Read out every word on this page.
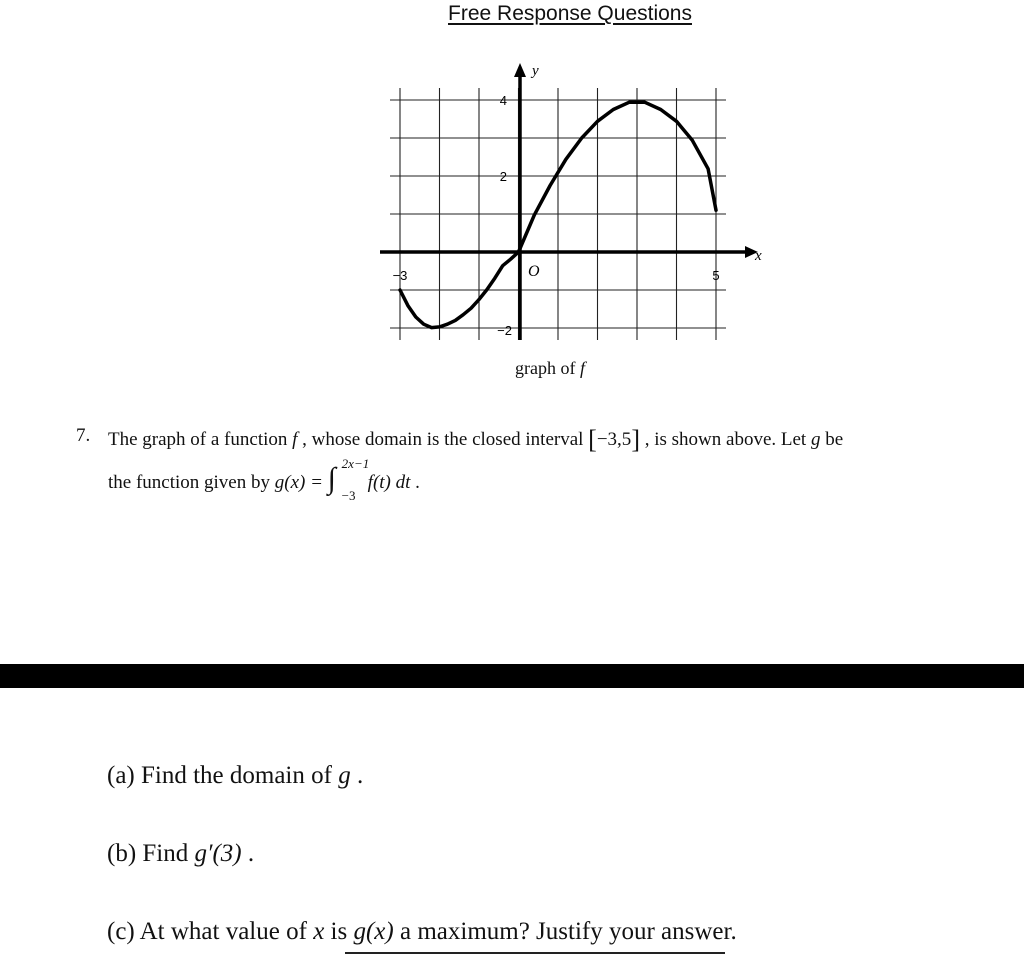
Free Response Questions
y
x
4
2
−2
−3	5
O
graph of f
7. The graph of a function f , whose domain is the closed interval [−3,5] , is shown above. Let g be
the function given by g(x) = ∫ 2x−1
−3
f(t) dt .
(a) Find the domain of g .
(b) Find g′(3) .
(c) At what value of x is g(x) a maximum? Justify your answer.
